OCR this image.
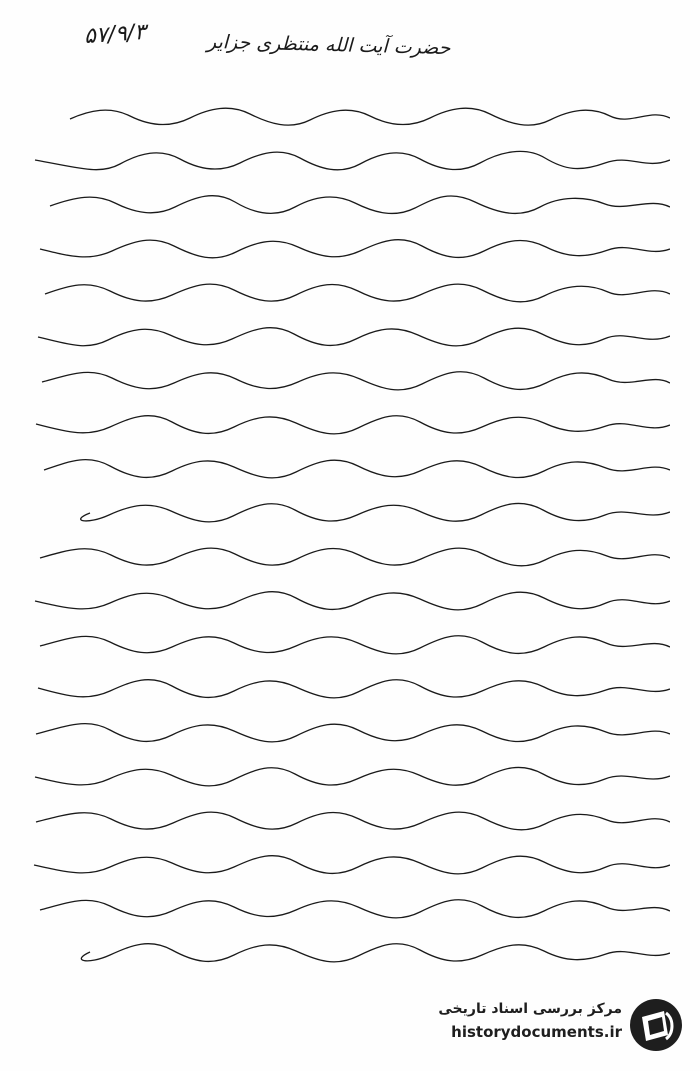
۵۷/۹/۳	حضرت آیت الله منتظری جزایر
مرکز بررسی اسناد تاریخی
historydocuments.ir
